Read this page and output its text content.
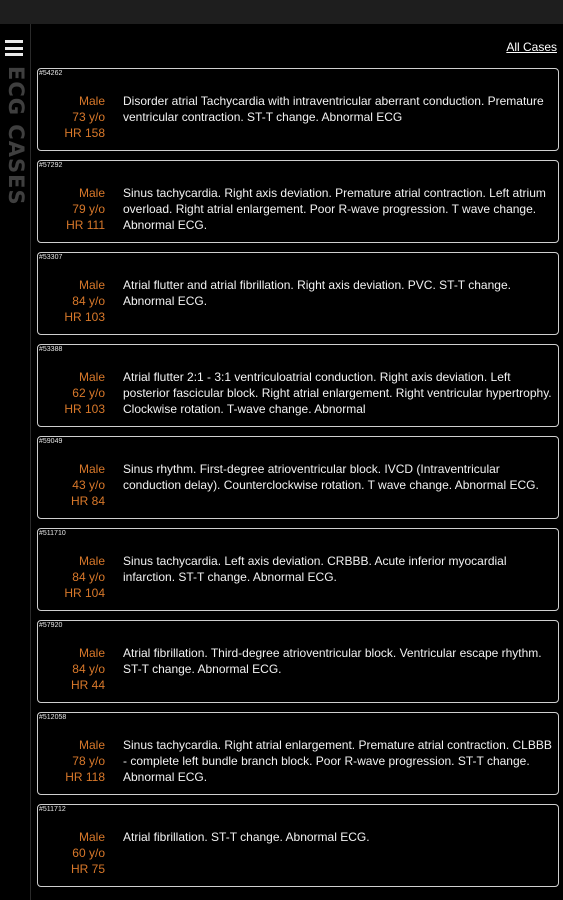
ECG CASES
All Cases
#54262
Male
73 y/o
HR 158
Disorder atrial Tachycardia with intraventricular aberrant conduction. Premature ventricular contraction. ST-T change. Abnormal ECG
#57292
Male
79 y/o
HR 111
Sinus tachycardia. Right axis deviation. Premature atrial contraction. Left atrium overload. Right atrial enlargement. Poor R-wave progression. T wave change. Abnormal ECG.
#53307
Male
84 y/o
HR 103
Atrial flutter and atrial fibrillation. Right axis deviation. PVC. ST-T change. Abnormal ECG.
#53388
Male
62 y/o
HR 103
Atrial flutter 2:1 - 3:1 ventriculoatrial conduction. Right axis deviation. Left posterior fascicular block. Right atrial enlargement. Right ventricular hypertrophy. Clockwise rotation. T-wave change. Abnormal
#59049
Male
43 y/o
HR 84
Sinus rhythm. First-degree atrioventricular block. IVCD (Intraventricular conduction delay). Counterclockwise rotation. T wave change. Abnormal ECG.
#511710
Male
84 y/o
HR 104
Sinus tachycardia. Left axis deviation. CRBBB. Acute inferior myocardial infarction. ST-T change. Abnormal ECG.
#57920
Male
84 y/o
HR 44
Atrial fibrillation. Third-degree atrioventricular block. Ventricular escape rhythm. ST-T change. Abnormal ECG.
#512058
Male
78 y/o
HR 118
Sinus tachycardia. Right atrial enlargement. Premature atrial contraction. CLBBB - complete left bundle branch block. Poor R-wave progression. ST-T change. Abnormal ECG.
#511712
Male
60 y/o
HR 75
Atrial fibrillation. ST-T change. Abnormal ECG.
